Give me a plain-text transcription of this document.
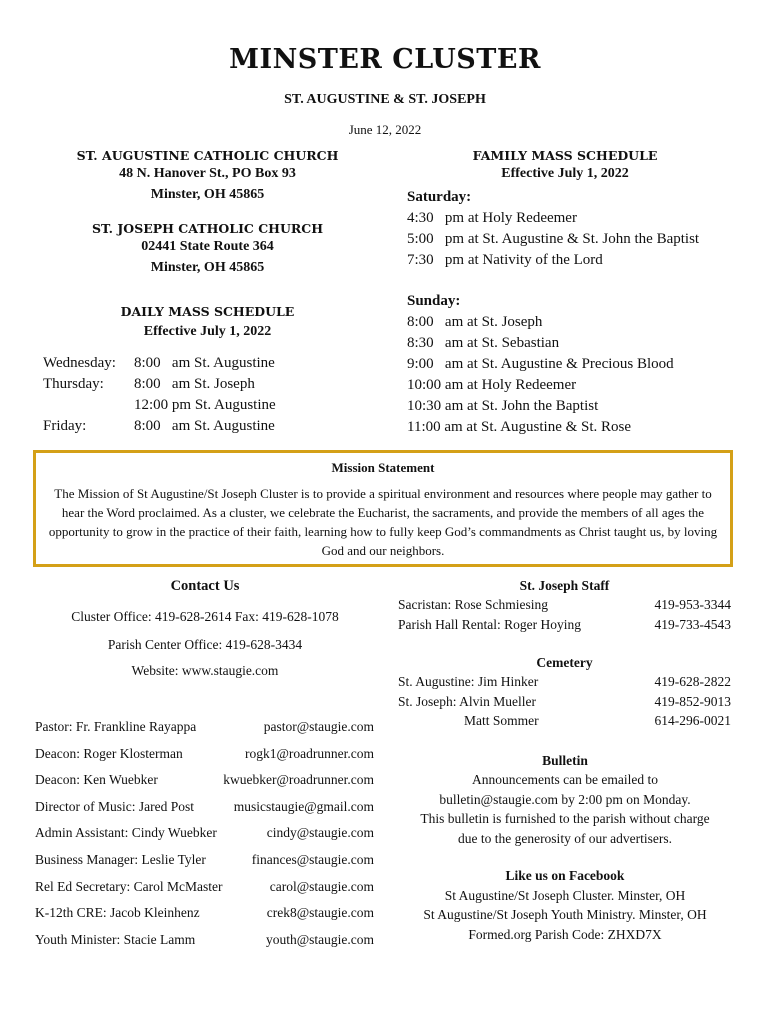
MINSTER CLUSTER
ST. AUGUSTINE & ST. JOSEPH
June 12, 2022
ST. AUGUSTINE CATHOLIC CHURCH
48 N. Hanover St., PO Box 93
Minster, OH 45865
ST. JOSEPH CATHOLIC CHURCH
02441 State Route 364
Minster, OH 45865
DAILY MASS SCHEDULE
Effective July 1, 2022
Wednesday:	8:00   am St. Augustine
Thursday:	8:00   am St. Joseph
12:00 pm St. Augustine
Friday:	8:00   am St. Augustine
FAMILY MASS SCHEDULE
Effective July 1, 2022
Saturday:
4:30   pm at Holy Redeemer
5:00   pm at St. Augustine & St. John the Baptist
7:30   pm at Nativity of the Lord
Sunday:
8:00   am at St. Joseph
8:30   am at St. Sebastian
9:00   am at St. Augustine & Precious Blood
10:00 am at Holy Redeemer
10:30 am at St. John the Baptist
11:00 am at St. Augustine & St. Rose
Mission Statement
The Mission of St Augustine/St Joseph Cluster is to provide a spiritual environment and resources where people may gather to hear the Word proclaimed. As a cluster, we celebrate the Eucharist, the sacraments, and provide the members of all ages the opportunity to grow in the practice of their faith, learning how to fully keep God’s commandments as Christ taught us, by loving God and our neighbors.
Contact Us
Cluster Office: 419-628-2614 Fax: 419-628-1078
Parish Center Office: 419-628-3434
Website: www.staugie.com
Pastor: Fr. Frankline Rayappa	pastor@staugie.com
Deacon: Roger Klosterman	rogk1@roadrunner.com
Deacon: Ken Wuebker	kwuebker@roadrunner.com
Director of Music: Jared Post	musicstaugie@gmail.com
Admin Assistant: Cindy Wuebker	cindy@staugie.com
Business Manager: Leslie Tyler	finances@staugie.com
Rel Ed Secretary: Carol McMaster	carol@staugie.com
K-12th CRE: Jacob Kleinhenz	crek8@staugie.com
Youth Minister: Stacie Lamm	youth@staugie.com
St. Joseph Staff
Sacristan: Rose Schmiesing	419-953-3344
Parish Hall Rental: Roger Hoying	419-733-4543
Cemetery
St. Augustine: Jim Hinker	419-628-2822
St. Joseph: Alvin Mueller	419-852-9013
Matt Sommer	614-296-0021
Bulletin
Announcements can be emailed to
bulletin@staugie.com by 2:00 pm on Monday.
This bulletin is furnished to the parish without charge
due to the generosity of our advertisers.
Like us on Facebook
St Augustine/St Joseph Cluster. Minster, OH
St Augustine/St Joseph Youth Ministry. Minster, OH
Formed.org Parish Code: ZHXD7X
